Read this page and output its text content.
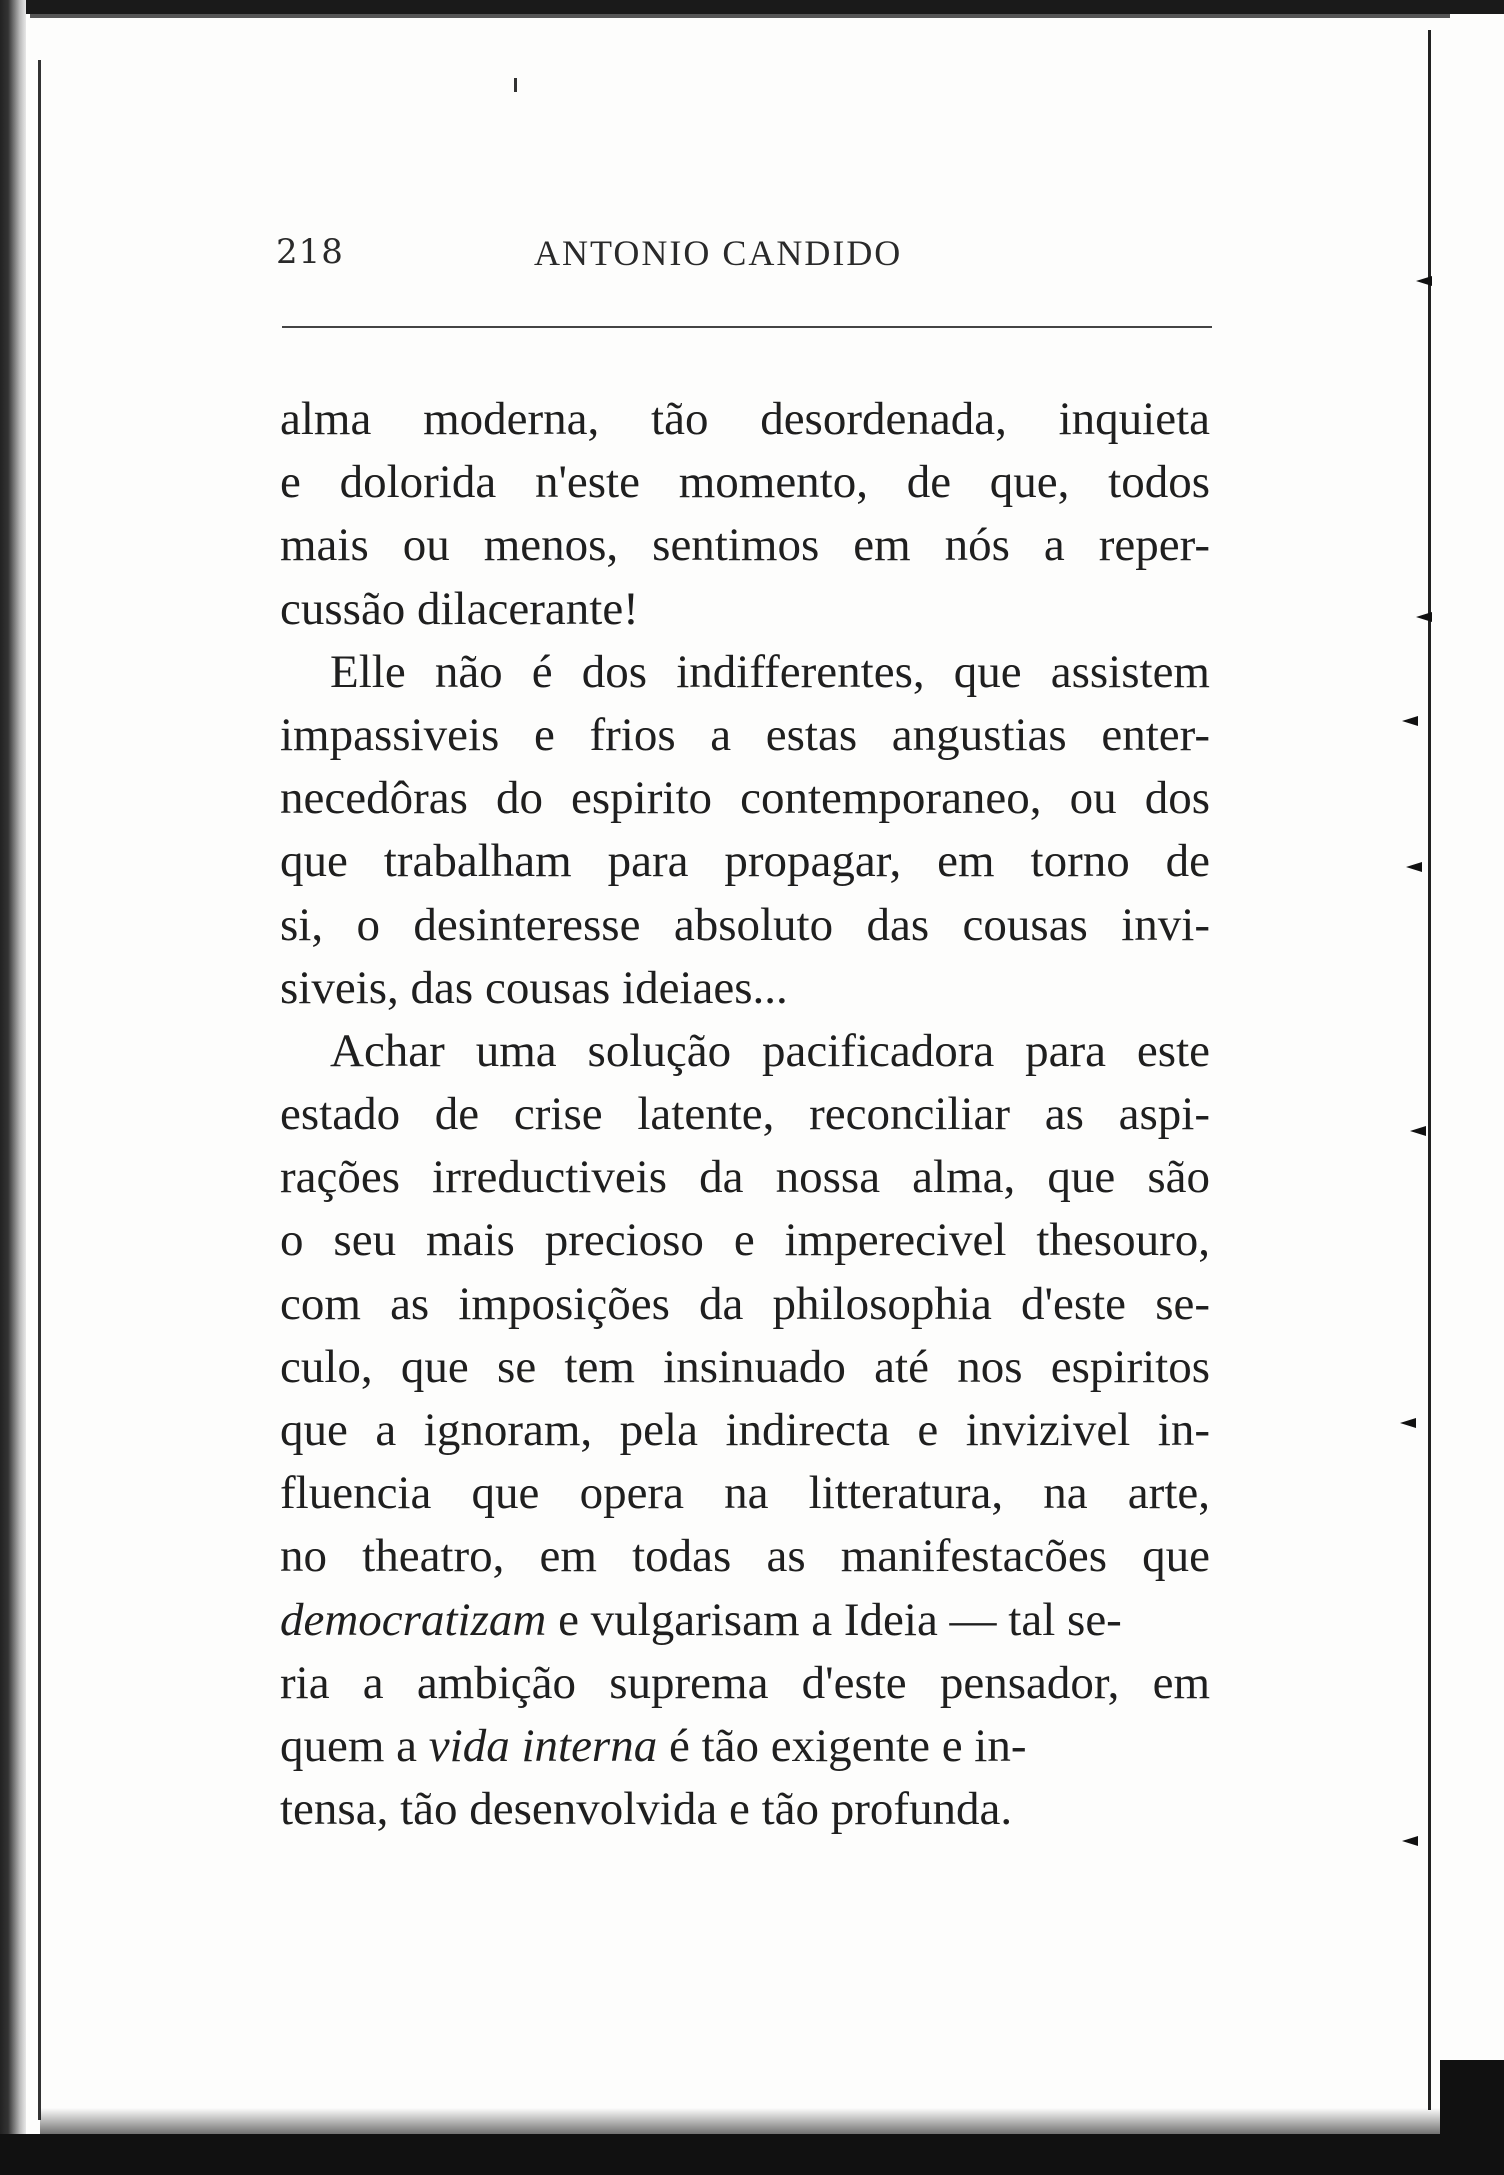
218	ANTONIO CANDIDO
alma moderna, tão desordenada, inquieta
e dolorida n'este momento, de que, todos
mais ou menos, sentimos em nós a reper-
cussão dilacerante!
Elle não é dos indifferentes, que assistem
impassiveis e frios a estas angustias enter-
necedôras do espirito contemporaneo, ou dos
que trabalham para propagar, em torno de
si, o desinteresse absoluto das cousas invi-
siveis, das cousas ideiaes...
Achar uma solução pacificadora para este
estado de crise latente, reconciliar as aspi-
rações irreductiveis da nossa alma, que são
o seu mais precioso e imperecivel thesouro,
com as imposições da philosophia d'este se-
culo, que se tem insinuado até nos espiritos
que a ignoram, pela indirecta e invizivel in-
fluencia que opera na litteratura, na arte,
no theatro, em todas as manifestacões que
democratizam e vulgarisam a Ideia — tal se-
ria a ambição suprema d'este pensador, em
quem a vida interna é tão exigente e in-
tensa, tão desenvolvida e tão profunda.
